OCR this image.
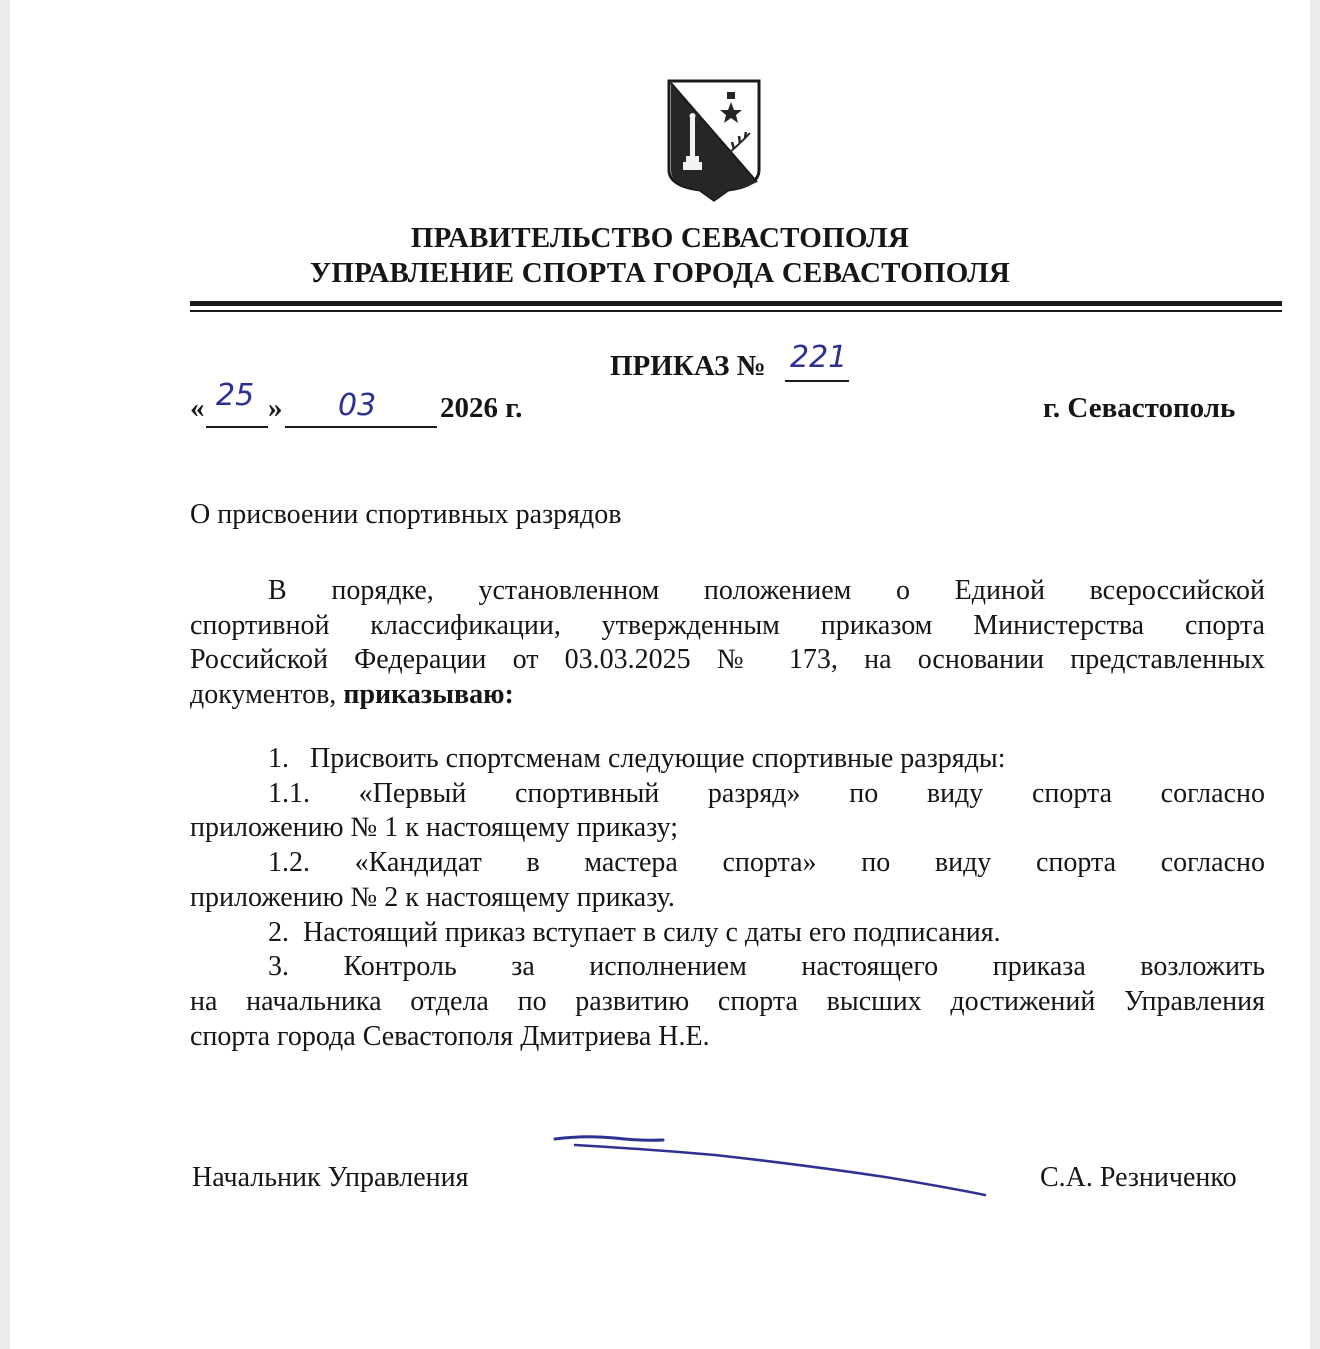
ПРАВИТЕЛЬСТВО СЕВАСТОПОЛЯ
УПРАВЛЕНИЕ СПОРТА ГОРОДА СЕВАСТОПОЛЯ
ПРИКАЗ № 221
« 25 » 03 2026 г.	г. Севастополь
О присвоении спортивных разрядов
В порядке, установленном положением о Единой всероссийской
спортивной классификации, утвержденным приказом Министерства спорта
Российской Федерации от 03.03.2025 № 173, на основании представленных
документов, приказываю:
1.   Присвоить спортсменам следующие спортивные разряды:
1.1. «Первый спортивный разряд» по виду спорта согласно
приложению № 1 к настоящему приказу;
1.2. «Кандидат в мастера спорта» по виду спорта согласно
приложению № 2 к настоящему приказу.
2.  Настоящий приказ вступает в силу с даты его подписания.
3. Контроль за исполнением настоящего приказа возложить
на начальника отдела по развитию спорта высших достижений Управления
спорта города Севастополя Дмитриева Н.Е.
Начальник Управления	С.А. Резниченко
